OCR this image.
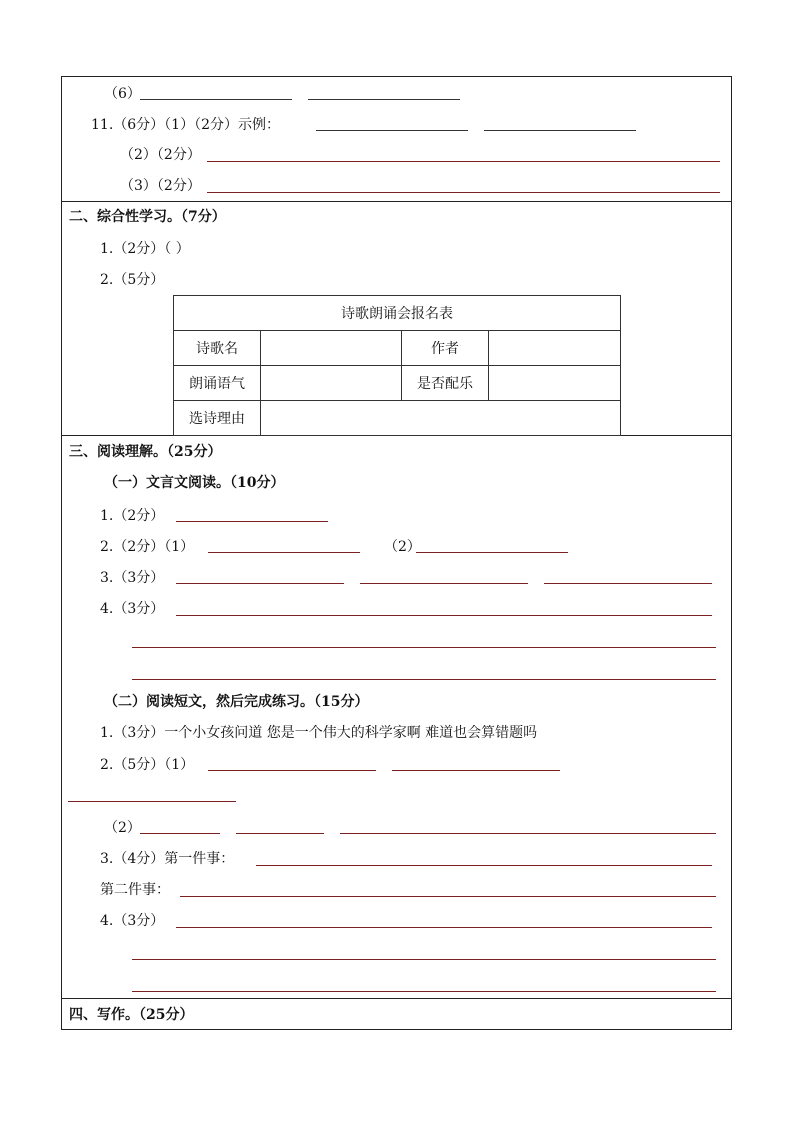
（6）
11.（6分）（1）（2分）示例：
（2）（2分）
（3）（2分）
二、综合性学习。（7分）
1.（2分）（ ）
2.（5分）
诗歌朗诵会报名表			
诗歌名		作者	
朗诵语气		是否配乐	
选诗理由			
三、阅读理解。（25分）
（一）文言文阅读。（10分）
1.（2分）
2.（2分）（1）	（2）
3.（3分）
4.（3分）
（二）阅读短文，然后完成练习。（15分）
1.（3分）一个小女孩问道 您是一个伟大的科学家啊 难道也会算错题吗
2.（5分）（1）
（2）
3.（4分）第一件事：
第二件事：
4.（3分）
四、写作。（25分）
